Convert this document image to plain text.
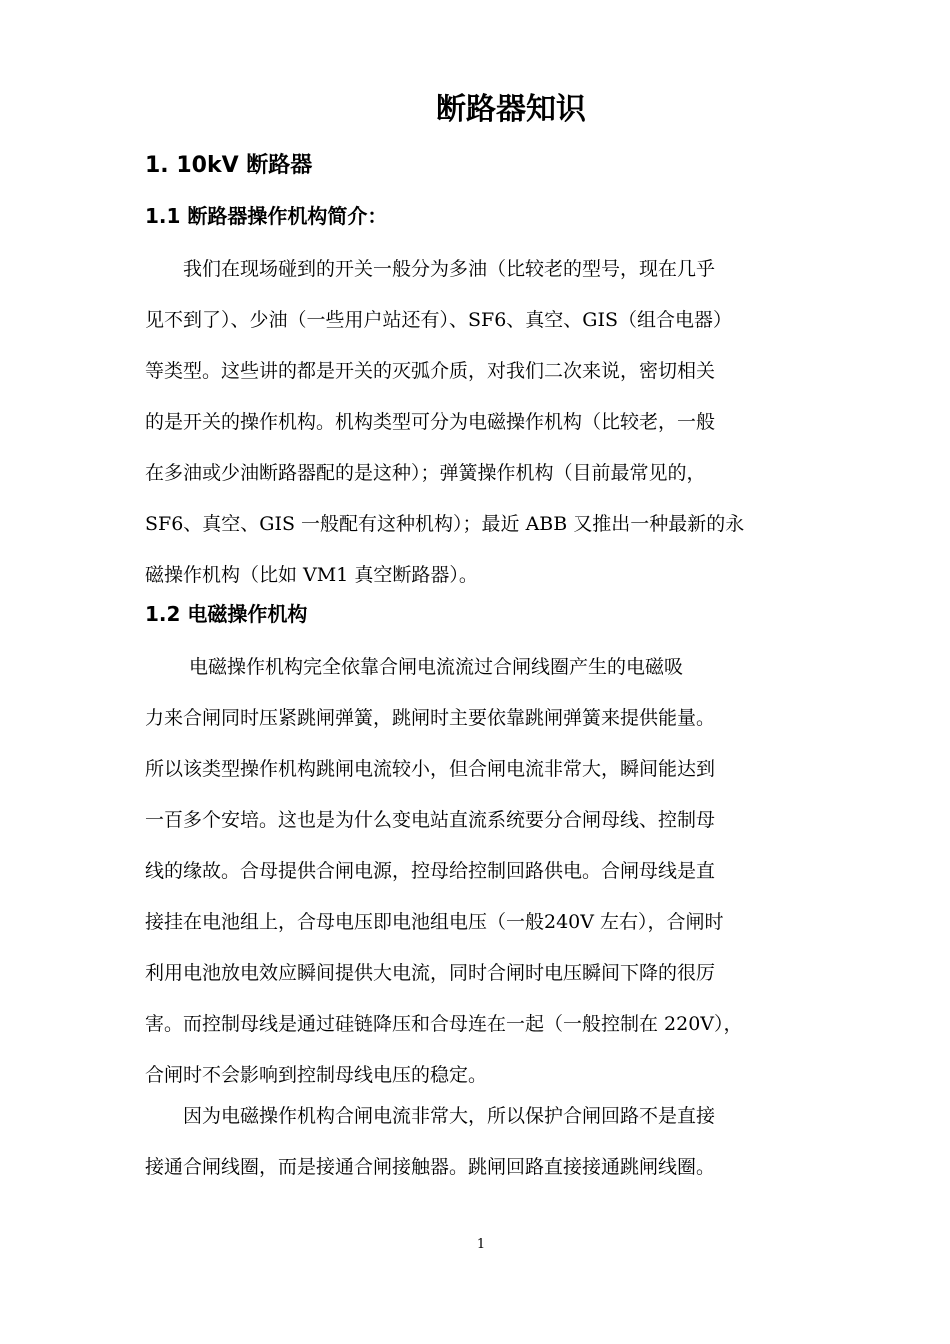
断路器知识
1. 10kV 断路器
1.1 断路器操作机构简介：
　　我们在现场碰到的开关一般分为多油（比较老的型号，现在几乎
见不到了）、少油（一些用户站还有）、SF6、真空、GIS（组合电器）
等类型。这些讲的都是开关的灭弧介质，对我们二次来说，密切相关
的是开关的操作机构。机构类型可分为电磁操作机构（比较老，一般
在多油或少油断路器配的是这种）；弹簧操作机构（目前最常见的，
SF6、真空、GIS 一般配有这种机构）；最近 ABB 又推出一种最新的永
磁操作机构（比如 VM1 真空断路器）。
1.2 电磁操作机构
　　 电磁操作机构完全依靠合闸电流流过合闸线圈产生的电磁吸
力来合闸同时压紧跳闸弹簧，跳闸时主要依靠跳闸弹簧来提供能量。
所以该类型操作机构跳闸电流较小，但合闸电流非常大，瞬间能达到
一百多个安培。这也是为什么变电站直流系统要分合闸母线、控制母
线的缘故。合母提供合闸电源，控母给控制回路供电。合闸母线是直
接挂在电池组上，合母电压即电池组电压（一般240V 左右），合闸时
利用电池放电效应瞬间提供大电流，同时合闸时电压瞬间下降的很厉
害。而控制母线是通过硅链降压和合母连在一起（一般控制在 220V），
合闸时不会影响到控制母线电压的稳定。
　　因为电磁操作机构合闸电流非常大，所以保护合闸回路不是直接
接通合闸线圈，而是接通合闸接触器。跳闸回路直接接通跳闸线圈。
1
